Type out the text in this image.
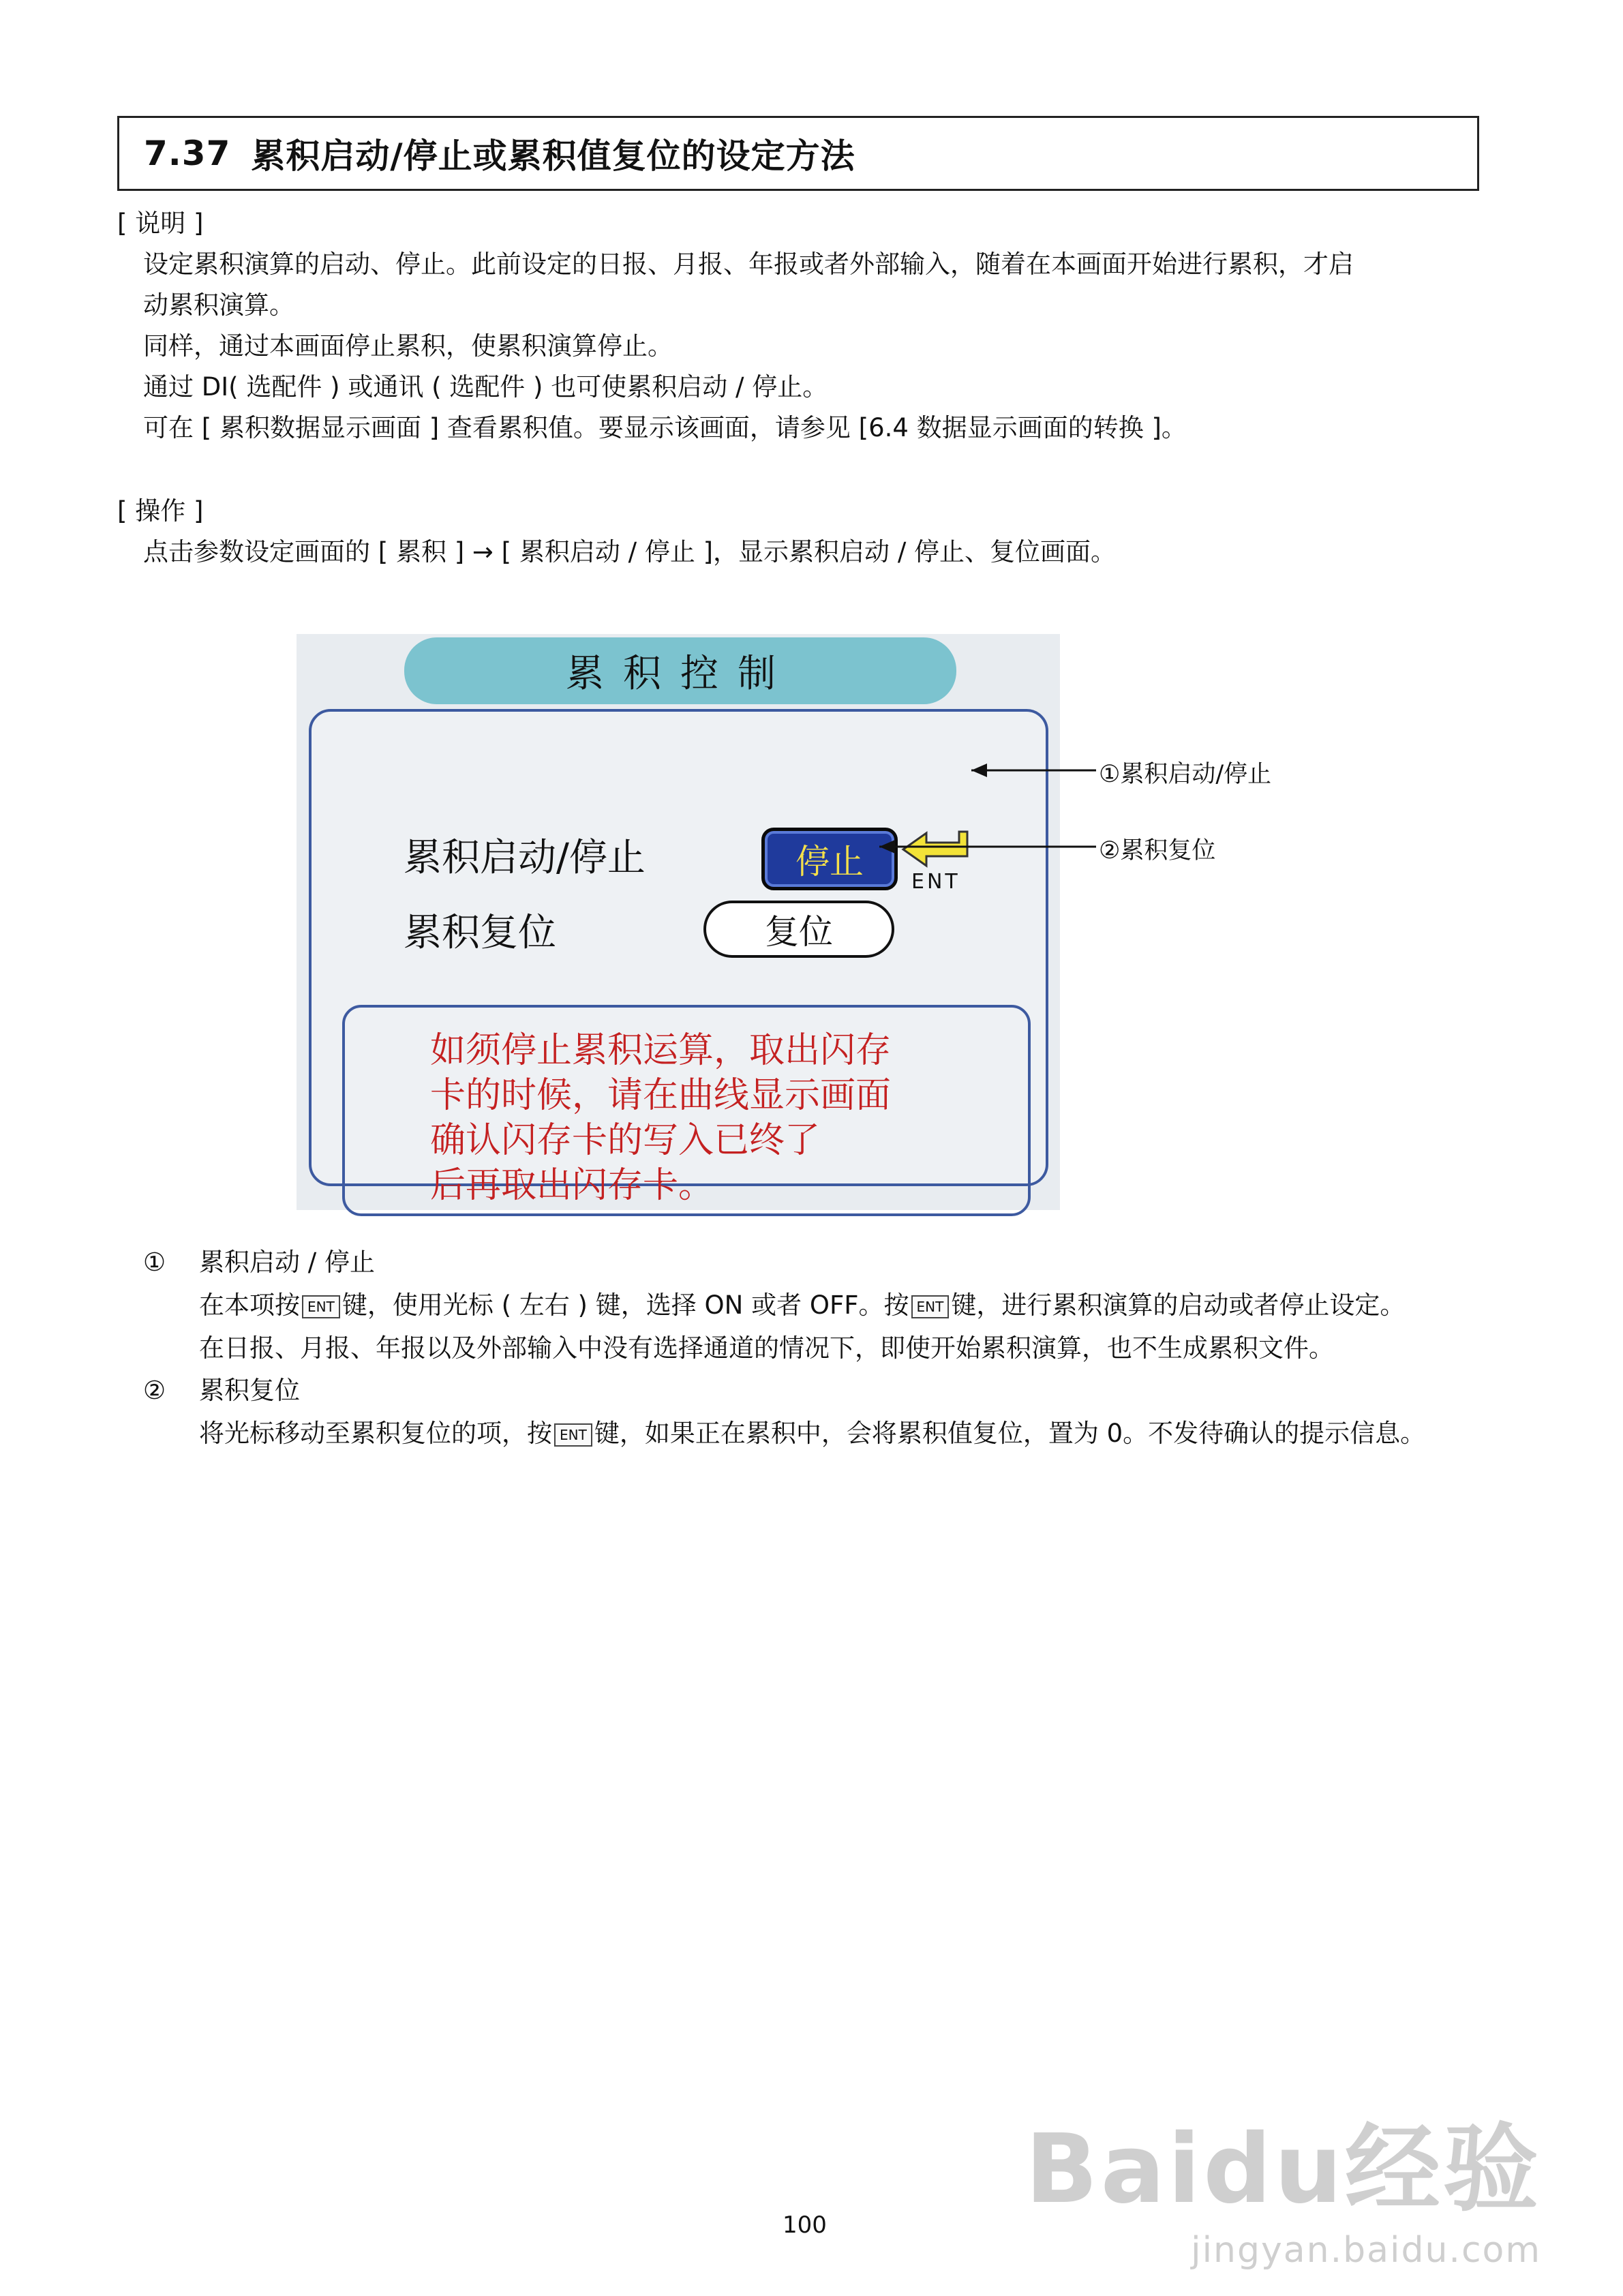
7.37 累积启动/停止或累积值复位的设定方法
[ 说明 ]
设定累积演算的启动、停止。此前设定的日报、月报、年报或者外部输入，随着在本画面开始进行累积，才启
动累积演算。
同样，通过本画面停止累积，使累积演算停止。
通过 DI( 选配件 ) 或通讯 ( 选配件 ) 也可使累积启动 / 停止。
可在 [ 累积数据显示画面 ] 查看累积值。要显示该画面，请参见 [6.4 数据显示画面的转换 ]。
[ 操作 ]
点击参数设定画面的 [ 累积 ] → [ 累积启动 / 停止 ]，显示累积启动 / 停止、复位画面。
累积控制
累积启动/停止	停止
ENT
累积复位	复位
如须停止累积运算，取出闪存
卡的时候，请在曲线显示画面
确认闪存卡的写入已终了
后再取出闪存卡。
①累积启动/停止
②累积复位
① 累积启动 / 停止
在本项按 ENT 键，使用光标 ( 左右 ) 键，选择 ON 或者 OFF。按 ENT 键，进行累积演算的启动或者停止设定。
在日报、月报、年报以及外部输入中没有选择通道的情况下，即使开始累积演算，也不生成累积文件。
② 累积复位
将光标移动至累积复位的项，按 ENT 键，如果正在累积中，会将累积值复位，置为 0。不发待确认的提示信息。
100 Baidu经验
jingyan.baidu.com
